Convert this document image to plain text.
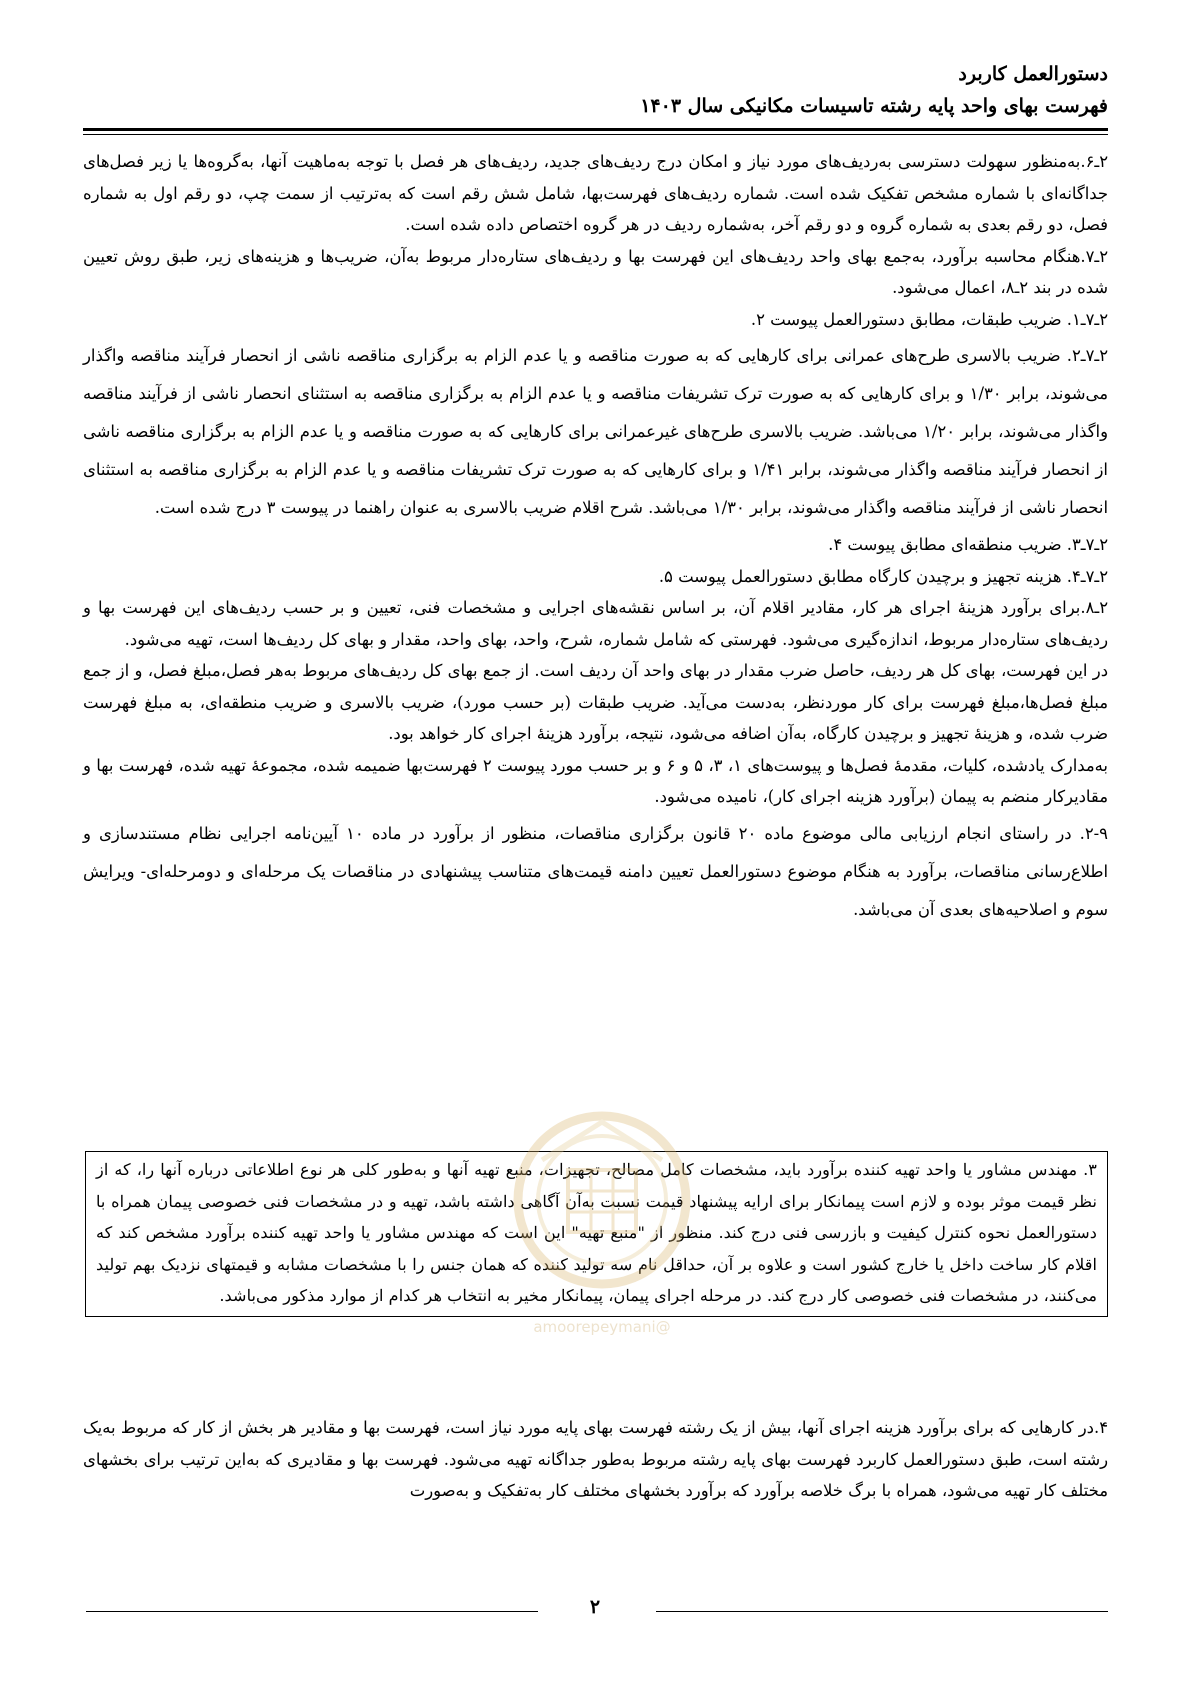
دستورالعمل کاربرد

فهرست بهای واحد پایه رشته تاسیسات مکانیکی سال ۱۴۰۳

۲ـ۶.به‌منظور سهولت دسترسی به‌ردیف‌های مورد نیاز و امکان درج ردیف‌های جدید، ردیف‌های هر فصل با توجه به‌ماهیت آنها، به‌گروه‌ها یا زیر فصل‌های جداگانه‌ای با شماره مشخص تفکیک شده است. شماره ردیف‌های فهرست‌بها، شامل شش رقم است که به‌ترتیب از سمت چپ، دو رقم اول به شماره فصل، دو رقم بعدی به شماره گروه و دو رقم آخر، به‌شماره ردیف در هر گروه اختصاص داده شده است.

۲ـ۷.هنگام محاسبه برآورد، به‌جمع بهای واحد ردیف‌های این فهرست بها و ردیف‌های ستاره‌دار مربوط به‌آن، ضریب‌ها و هزینه‌های زیر، طبق روش تعیین شده در بند ۲ـ۸، اعمال می‌شود.

۲ـ۷ـ۱. ضریب طبقات، مطابق دستورالعمل پیوست ۲.

۲ـ۷ـ۲. ضریب بالاسری طرح‌های عمرانی برای کارهایی که به صورت مناقصه و یا عدم الزام به برگزاری مناقصه ناشی از انحصار فرآیند مناقصه واگذار می‌شوند، برابر ۱/۳۰ و برای کارهایی که به صورت ترک تشریفات مناقصه و یا عدم الزام به برگزاری مناقصه به استثنای انحصار ناشی از فرآیند مناقصه واگذار می‌شوند، برابر ۱/۲۰ می‌باشد. ضریب بالاسری طرح‌های غیرعمرانی برای کارهایی که به صورت مناقصه و یا عدم الزام به برگزاری مناقصه ناشی از انحصار فرآیند مناقصه واگذار می‌شوند، برابر ۱/۴۱ و برای کارهایی که به صورت ترک تشریفات مناقصه و یا عدم الزام به برگزاری مناقصه به استثنای انحصار ناشی از فرآیند مناقصه واگذار می‌شوند، برابر ۱/۳۰ می‌باشد. شرح اقلام ضریب بالاسری به عنوان راهنما در پیوست ۳ درج شده است.

۲ـ۷ـ۳. ضریب منطقه‌ای مطابق پیوست ۴.

۲ـ۷ـ۴. هزینه تجهیز و برچیدن کارگاه مطابق دستورالعمل پیوست ۵.

۲ـ۸.برای برآورد هزینهٔ اجرای هر کار، مقادیر اقلام آن، بر اساس نقشه‌های اجرایی و مشخصات فنی، تعیین و بر حسب ردیف‌های این فهرست بها و ردیف‌های ستاره‌دار مربوط، اندازه‌گیری می‌شود. فهرستی که شامل شماره، شرح، واحد، بهای واحد، مقدار و بهای کل ردیف‌ها است، تهیه می‌شود.

در این فهرست، بهای کل هر ردیف، حاصل ضرب مقدار در بهای واحد آن ردیف است. از جمع بهای کل ردیف‌های مربوط به‌هر فصل،مبلغ فصل، و از جمع مبلغ فصل‌ها،مبلغ فهرست برای کار موردنظر، به‌دست می‌آید. ضریب طبقات (بر حسب مورد)، ضریب بالاسری و ضریب منطقه‌ای، به مبلغ فهرست ضرب شده، و هزینهٔ تجهیز و برچیدن کارگاه، به‌آن اضافه می‌شود، نتیجه، برآورد هزینهٔ اجرای کار خواهد بود.

به‌مدارک یادشده، کلیات، مقدمهٔ فصل‌ها و پیوست‌های ۱، ۳، ۵ و ۶ و بر حسب مورد پیوست ۲ فهرست‌بها ضمیمه شده، مجموعهٔ تهیه شده، فهرست بها و مقادیرکار منضم به پیمان (برآورد هزینه اجرای کار)، نامیده می‌شود.

۲-۹. در راستای انجام ارزیابی مالی موضوع ماده ۲۰ قانون برگزاری مناقصات، منظور از برآورد در ماده ۱۰ آیین‌نامه اجرایی نظام مستندسازی و اطلاع‌رسانی مناقصات، برآورد به هنگام موضوع دستورالعمل تعیین دامنه قیمت‌های متناسب پیشنهادی در مناقصات یک مرحله‌ای و دومرحله‌ای- ویرایش سوم و اصلاحیه‌های بعدی آن می‌باشد.

۳. مهندس مشاور یا واحد تهیه کننده برآورد باید، مشخصات کامل مصالح، تجهیزات، منبع تهیه آنها و به‌طور کلی هر نوع اطلاعاتی درباره آنها را، که از نظر قیمت موثر بوده و لازم است پیمانکار برای ارایه پیشنهاد قیمت نسبت به‌آن آگاهی داشته باشد، تهیه و در مشخصات فنی خصوصی پیمان همراه با دستورالعمل نحوه کنترل کیفیت و بازرسی فنی درج کند. منظور از "منبع تهیه" این است که مهندس مشاور یا واحد تهیه کننده برآورد مشخص کند که اقلام کار ساخت داخل یا خارج کشور است و علاوه بر آن، حداقل نام سه تولید کننده که همان جنس را با مشخصات مشابه و قیمتهای نزدیک بهم تولید می‌کنند، در مشخصات فنی خصوصی کار درج کند. در مرحله اجرای پیمان، پیمانکار مخیر به انتخاب هر کدام از موارد مذکور می‌باشد.

@amoorepeymani

۴.در کارهایی که برای برآورد هزینه اجرای آنها، بیش از یک رشته فهرست بهای پایه مورد نیاز است، فهرست بها و مقادیر هر بخش از کار که مربوط به‌یک رشته است، طبق دستورالعمل کاربرد فهرست بهای پایه رشته مربوط به‌طور جداگانه تهیه می‌شود. فهرست بها و مقادیری که به‌این ترتیب برای بخشهای مختلف کار تهیه می‌شود، همراه با برگ خلاصه برآورد که برآورد بخشهای مختلف کار به‌تفکیک و به‌صورت

۲
